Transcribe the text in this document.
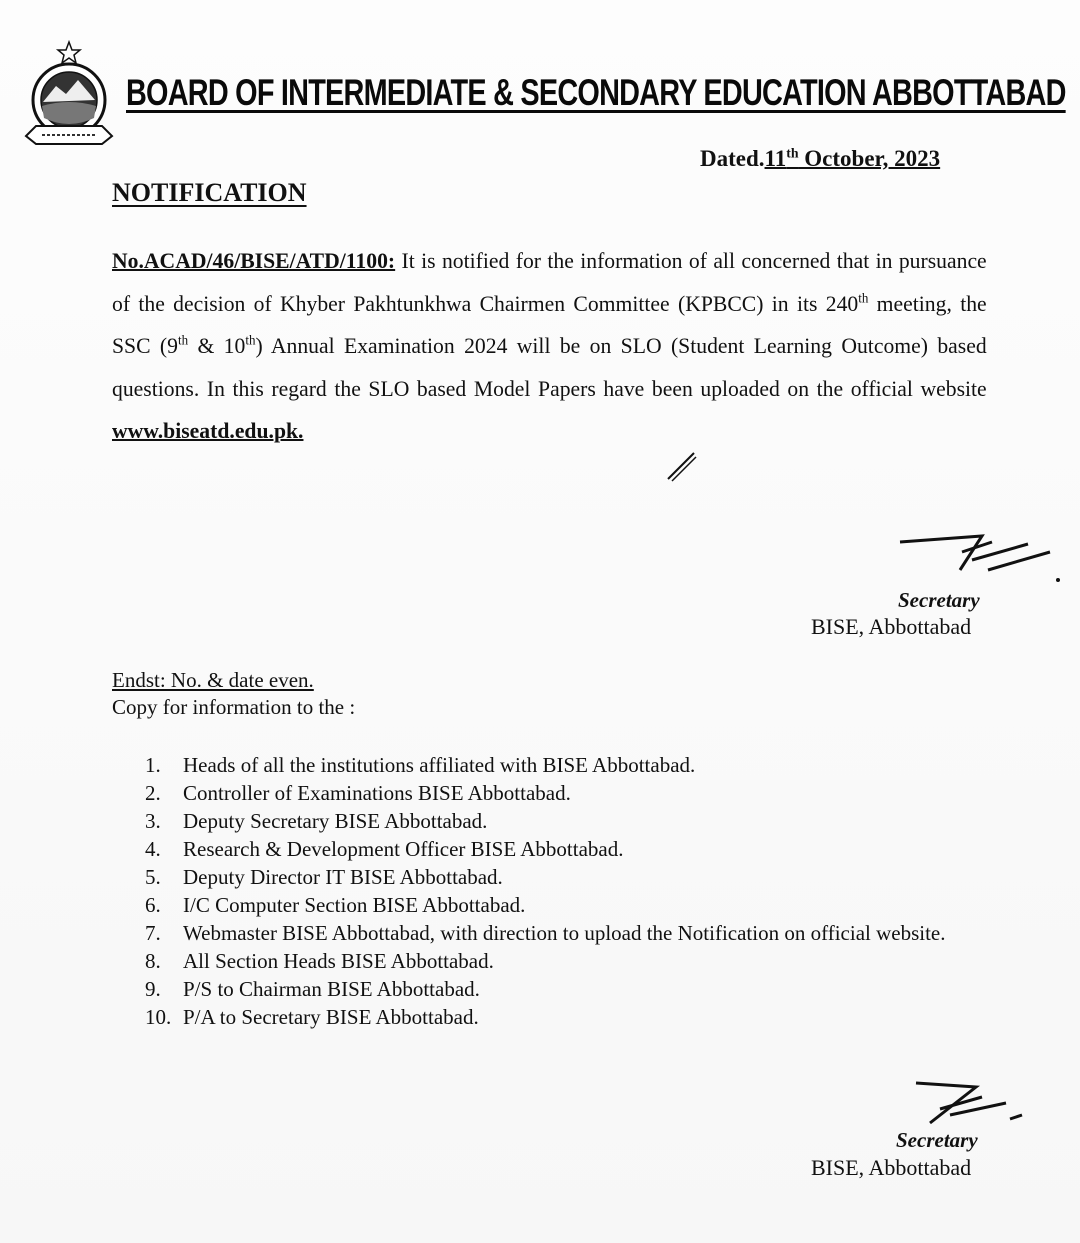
BOARD OF INTERMEDIATE & SECONDARY EDUCATION ABBOTTABAD
Dated.11th October, 2023
NOTIFICATION
No.ACAD/46/BISE/ATD/1100: It is notified for the information of all concerned that in pursuance of the decision of Khyber Pakhtunkhwa Chairmen Committee (KPBCC) in its 240th meeting, the SSC (9th & 10th) Annual Examination 2024 will be on SLO (Student Learning Outcome) based questions. In this regard the SLO based Model Papers have been uploaded on the official website www.biseatd.edu.pk.
Secretary
BISE, Abbottabad
Endst: No. & date even.
Copy for information to the :
1.	Heads of all the institutions affiliated with BISE Abbottabad.
2.	Controller of Examinations BISE Abbottabad.
3.	Deputy Secretary BISE Abbottabad.
4.	Research & Development Officer BISE Abbottabad.
5.	Deputy Director IT BISE Abbottabad.
6.	I/C Computer Section BISE Abbottabad.
7.	Webmaster BISE Abbottabad, with direction to upload the Notification on official website.
8.	All Section Heads BISE Abbottabad.
9.	P/S to Chairman BISE Abbottabad.
10. P/A to Secretary BISE Abbottabad.
Secretary
BISE, Abbottabad
